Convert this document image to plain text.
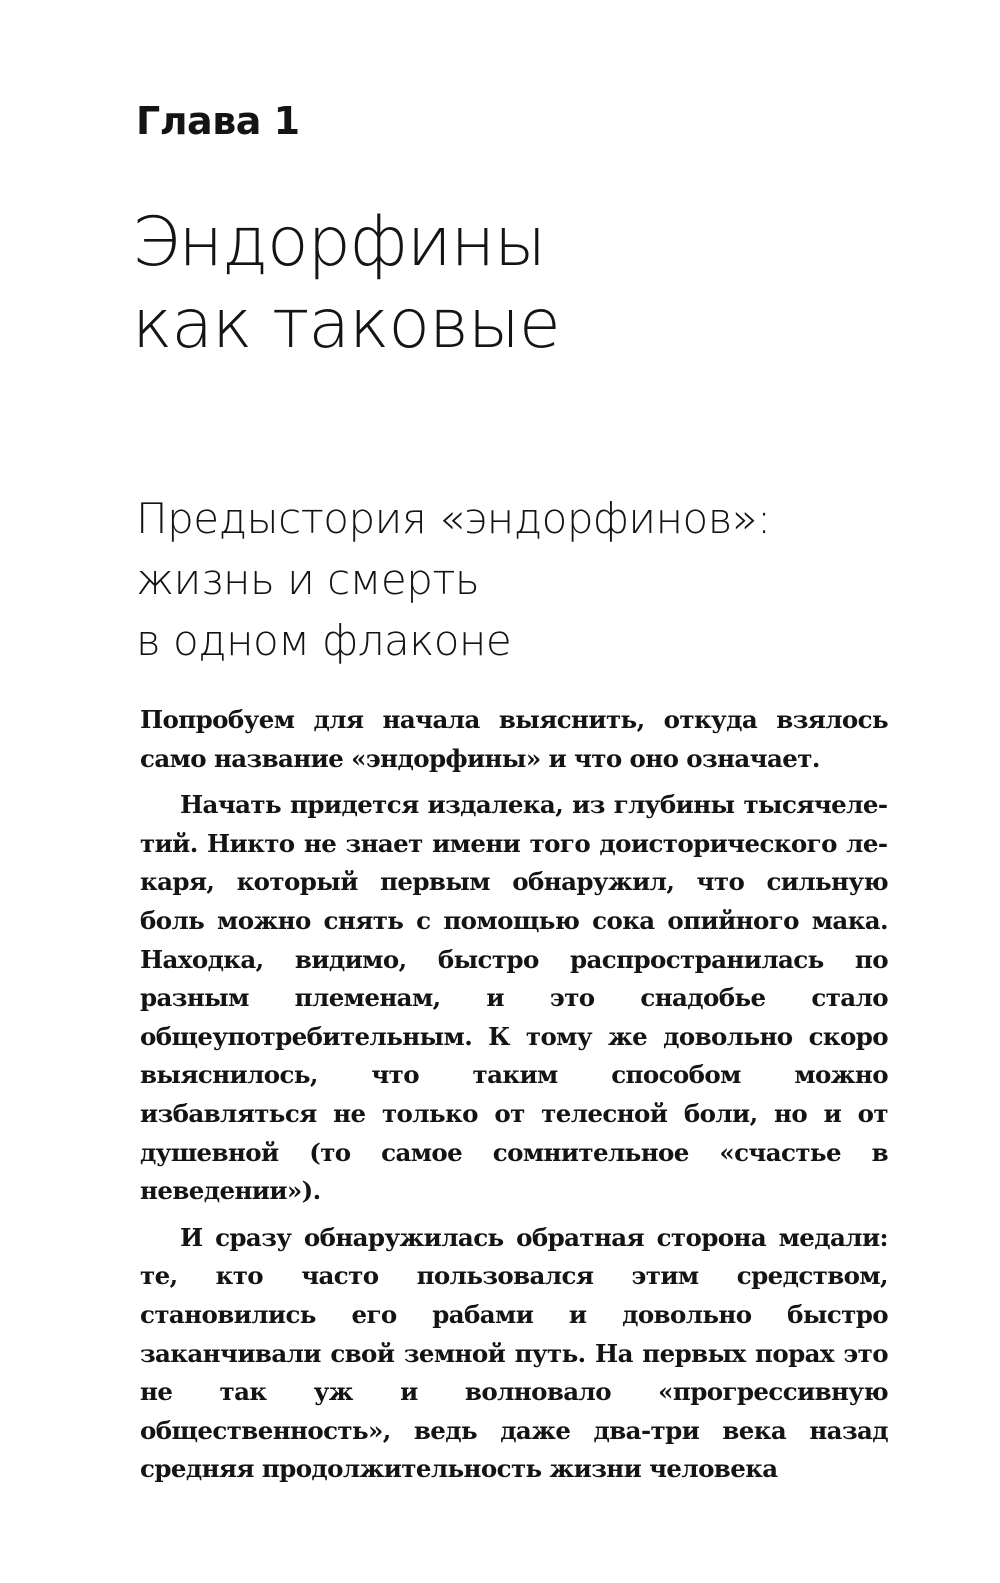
Глава 1
Эндорфины
как таковые
Предыстория «эндорфинов»:
жизнь и смерть
в одном флаконе

Попробуем для начала выяснить, откуда взялось само название «эндорфины» и что оно означает.

Начать придется издалека, из глубины тысячелетий. Никто не знает имени того доисторического лекаря, который первым обнаружил, что сильную боль можно снять с помощью сока опийного мака. Находка, видимо, быстро распространилась по разным племенам, и это снадобье стало общеупотребительным. К тому же довольно скоро выяснилось, что таким способом можно избавляться не только от телесной боли, но и от душевной (то самое сомнительное «счастье в неведении»).

И сразу обнаружилась обратная сторона медали: те, кто часто пользовался этим средством, становились его рабами и довольно быстро заканчивали свой земной путь. На первых порах это не так уж и волновало «прогрессивную общественность», ведь даже два-три века назад средняя продолжительность жизни человека
